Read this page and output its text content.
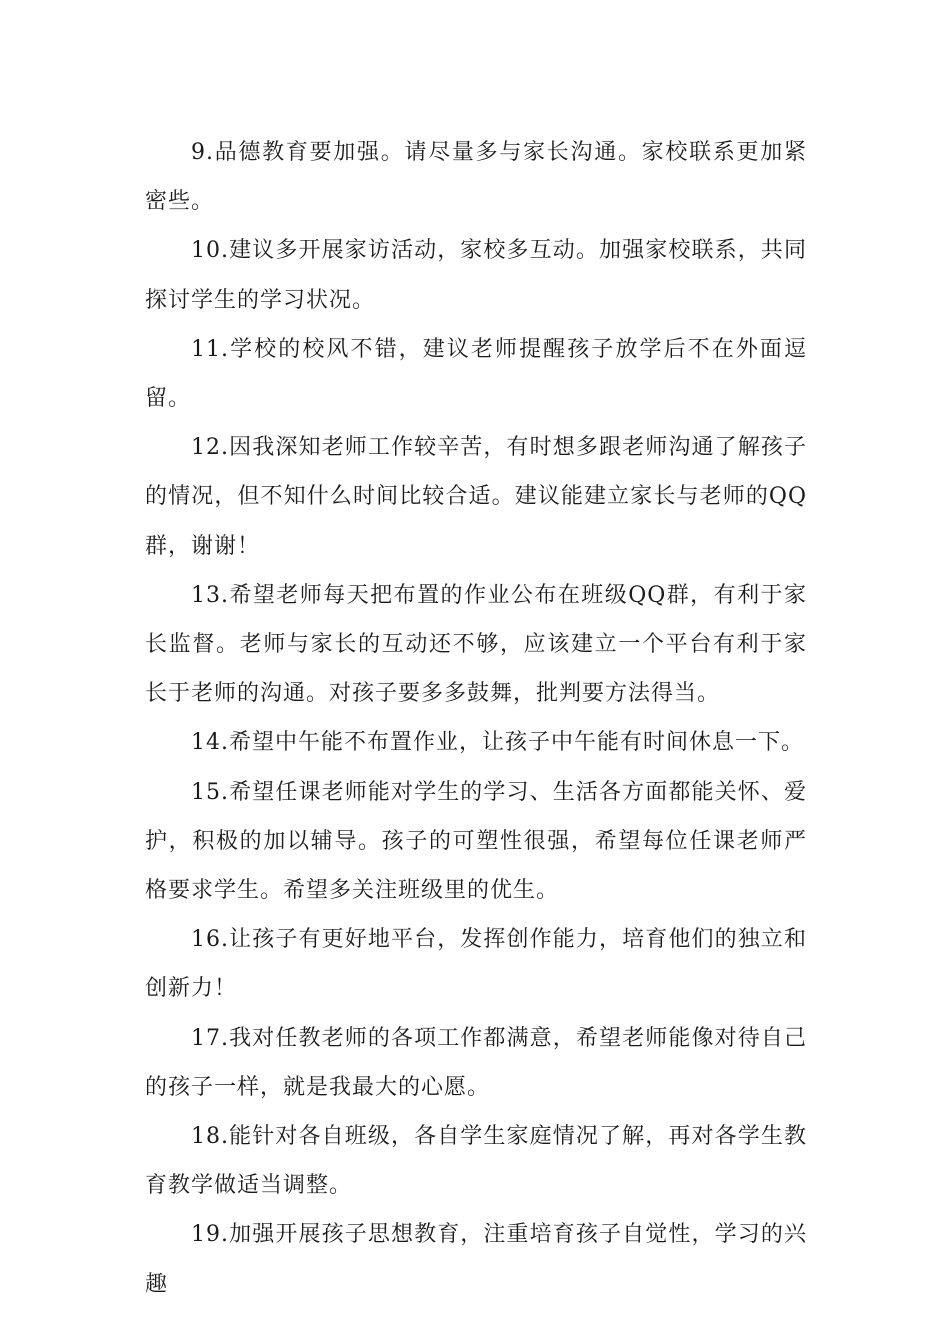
9.品德教育要加强。请尽量多与家长沟通。家校联系更加紧密些。

10.建议多开展家访活动，家校多互动。加强家校联系，共同探讨学生的学习状况。

11.学校的校风不错，建议老师提醒孩子放学后不在外面逗留。

12.因我深知老师工作较辛苦，有时想多跟老师沟通了解孩子的情况，但不知什么时间比较合适。建议能建立家长与老师的QQ群，谢谢！

13.希望老师每天把布置的作业公布在班级QQ群，有利于家长监督。老师与家长的互动还不够，应该建立一个平台有利于家长于老师的沟通。对孩子要多多鼓舞，批判要方法得当。

14.希望中午能不布置作业，让孩子中午能有时间休息一下。

15.希望任课老师能对学生的学习、生活各方面都能关怀、爱护，积极的加以辅导。孩子的可塑性很强，希望每位任课老师严格要求学生。希望多关注班级里的优生。

16.让孩子有更好地平台，发挥创作能力，培育他们的独立和创新力！

17.我对任教老师的各项工作都满意，希望老师能像对待自己的孩子一样，就是我最大的心愿。

18.能针对各自班级，各自学生家庭情况了解，再对各学生教育教学做适当调整。

19.加强开展孩子思想教育，注重培育孩子自觉性，学习的兴趣
